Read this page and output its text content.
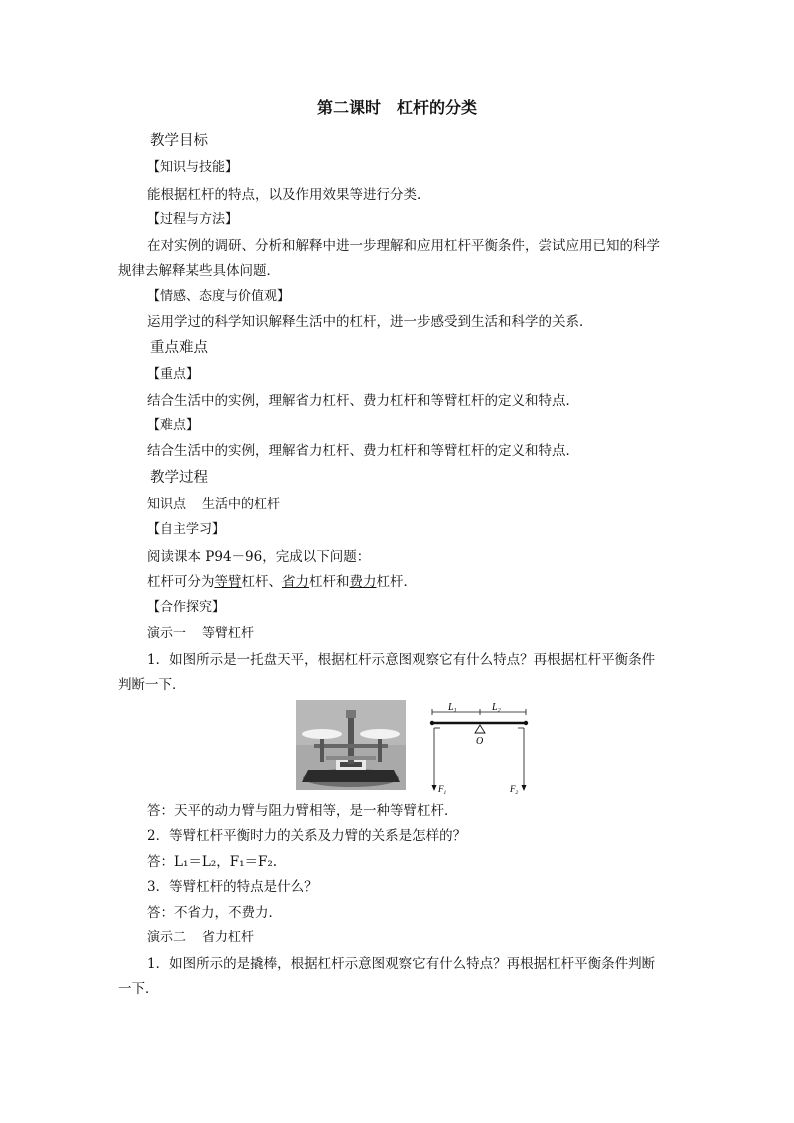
第二课时 杠杆的分类
教学目标
【知识与技能】
能根据杠杆的特点，以及作用效果等进行分类．
【过程与方法】
在对实例的调研、分析和解释中进一步理解和应用杠杆平衡条件，尝试应用已知的科学
规律去解释某些具体问题．
【情感、态度与价值观】
运用学过的科学知识解释生活中的杠杆，进一步感受到生活和科学的关系．
重点难点
【重点】
结合生活中的实例，理解省力杠杆、费力杠杆和等臂杠杆的定义和特点．
【难点】
结合生活中的实例，理解省力杠杆、费力杠杆和等臂杠杆的定义和特点．
教学过程
知识点 生活中的杠杆
【自主学习】
阅读课本 P94－96，完成以下问题：
杠杆可分为等臂杠杆、省力杠杆和费力杠杆．
【合作探究】
演示一 等臂杠杆
1．如图所示是一托盘天平，根据杠杆示意图观察它有什么特点？再根据杠杆平衡条件
判断一下．
$L_1$	$L_2$
O
$F_1$	$F_2$
答：天平的动力臂与阻力臂相等，是一种等臂杠杆．
2．等臂杠杆平衡时力的关系及力臂的关系是怎样的？
答：L₁＝L₂，F₁＝F₂.
3．等臂杠杆的特点是什么？
答：不省力，不费力．
演示二 省力杠杆
1．如图所示的是撬棒，根据杠杆示意图观察它有什么特点？再根据杠杆平衡条件判断
一下．
